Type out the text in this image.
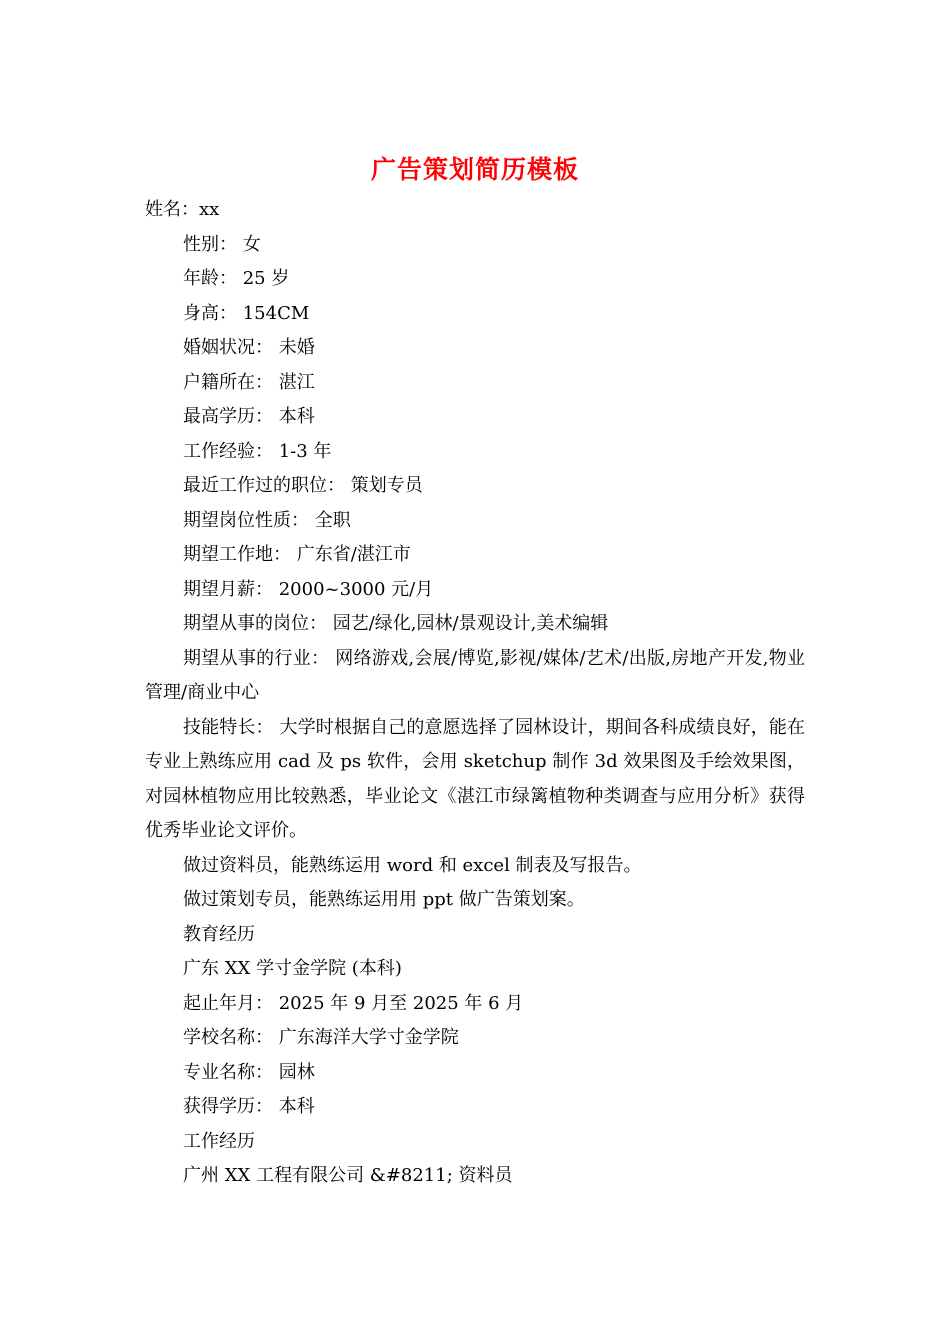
广告策划简历模板

姓名：xx

性别： 女

年龄： 25 岁

身高： 154CM

婚姻状况： 未婚

户籍所在： 湛江

最高学历： 本科

工作经验： 1-3 年

最近工作过的职位： 策划专员

期望岗位性质： 全职

期望工作地： 广东省/湛江市

期望月薪： 2000~3000 元/月

期望从事的岗位： 园艺/绿化,园林/景观设计,美术编辑

期望从事的行业： 网络游戏,会展/博览,影视/媒体/艺术/出版,房地产开发,物业管理/商业中心

技能特长： 大学时根据自己的意愿选择了园林设计，期间各科成绩良好，能在专业上熟练应用 cad 及 ps 软件，会用 sketchup 制作 3d 效果图及手绘效果图，对园林植物应用比较熟悉，毕业论文《湛江市绿篱植物种类调查与应用分析》获得优秀毕业论文评价。

做过资料员，能熟练运用 word 和 excel 制表及写报告。

做过策划专员，能熟练运用用 ppt 做广告策划案。

教育经历

广东 XX 学寸金学院 (本科)

起止年月： 2025 年 9 月至 2025 年 6 月

学校名称： 广东海洋大学寸金学院

专业名称： 园林

获得学历： 本科

工作经历

广州 XX 工程有限公司 &#8211; 资料员
